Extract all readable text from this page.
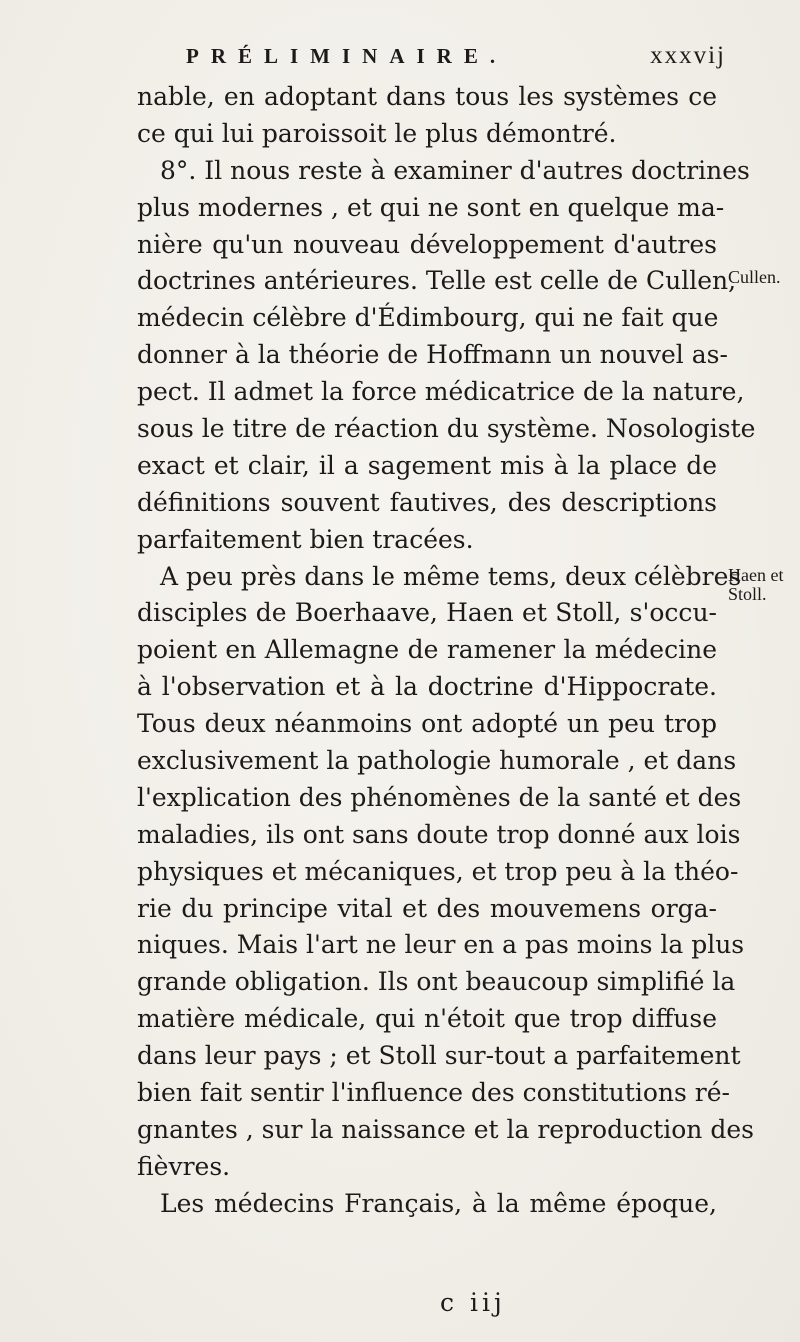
PRÉLIMINAIRE.	xxxvij
nable, en adoptant dans tous les systèmes ce
ce qui lui paroissoit le plus démontré.
8°. Il nous reste à examiner d'autres doctrines
plus modernes , et qui ne sont en quelque ma-
nière qu'un nouveau développement d'autres
doctrines antérieures. Telle est celle de Cullen,
médecin célèbre d'Édimbourg, qui ne fait que
donner à la théorie de Hoffmann un nouvel as-
pect. Il admet la force médicatrice de la nature,
sous le titre de réaction du système. Nosologiste
exact et clair, il a sagement mis à la place de
définitions souvent fautives, des descriptions
parfaitement bien tracées.
A peu près dans le même tems, deux célèbres
disciples de Boerhaave, Haen et Stoll, s'occu-
poient en Allemagne de ramener la médecine
à l'observation et à la doctrine d'Hippocrate.
Tous deux néanmoins ont adopté un peu trop
exclusivement la pathologie humorale , et dans
l'explication des phénomènes de la santé et des
maladies, ils ont sans doute trop donné aux lois
physiques et mécaniques, et trop peu à la théo-
rie du principe vital et des mouvemens orga-
niques. Mais l'art ne leur en a pas moins la plus
grande obligation. Ils ont beaucoup simplifié la
matière médicale, qui n'étoit que trop diffuse
dans leur pays ; et Stoll sur-tout a parfaitement
bien fait sentir l'influence des constitutions ré-
gnantes , sur la naissance et la reproduction des
fièvres.
Les médecins Français, à la même époque,
c iij
Cullen.
Haen et
Stoll.
